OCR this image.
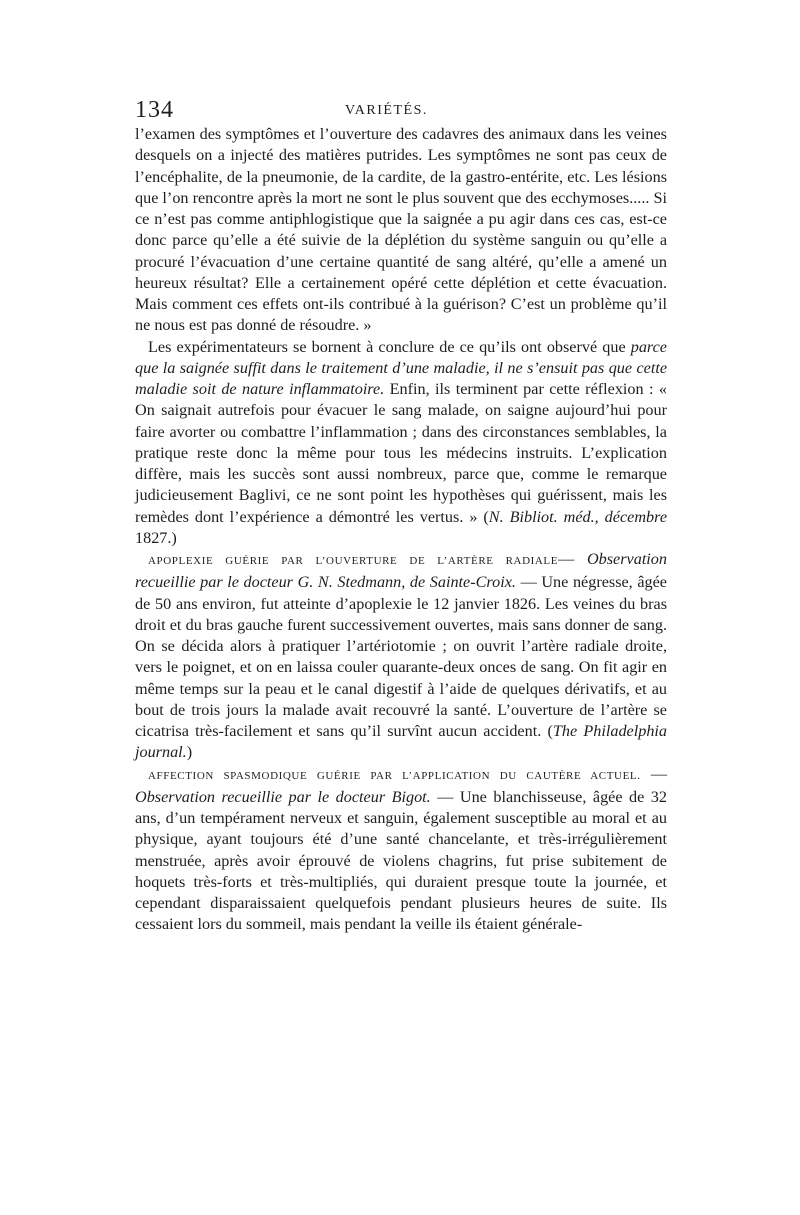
134	VARIÉTÉS.

l’examen des symptômes et l’ouverture des cadavres des animaux dans les veines desquels on a injecté des matières putrides. Les symptômes ne sont pas ceux de l’encéphalite, de la pneumonie, de la cardite, de la gastro-entérite, etc. Les lésions que l’on rencontre après la mort ne sont le plus souvent que des ecchymoses..... Si ce n’est pas comme antiphlogistique que la saignée a pu agir dans ces cas, est-ce donc parce qu’elle a été suivie de la déplétion du système sanguin ou qu’elle a procuré l’évacuation d’une certaine quantité de sang altéré, qu’elle a amené un heureux résultat? Elle a certainement opéré cette déplétion et cette évacuation. Mais comment ces effets ont-ils contribué à la guérison? C’est un problème qu’il ne nous est pas donné de résoudre. »

Les expérimentateurs se bornent à conclure de ce qu’ils ont observé que parce que la saignée suffit dans le traitement d’une maladie, il ne s’ensuit pas que cette maladie soit de nature inflammatoire. Enfin, ils terminent par cette réflexion : « On saignait autrefois pour évacuer le sang malade, on saigne aujourd’hui pour faire avorter ou combattre l’inflammation ; dans des circonstances semblables, la pratique reste donc la même pour tous les médecins instruits. L’explication diffère, mais les succès sont aussi nombreux, parce que, comme le remarque judicieusement Baglivi, ce ne sont point les hypothèses qui guérissent, mais les remèdes dont l’expérience a démontré les vertus. » (N. Bibliot. méd., décembre 1827.)

APOPLEXIE GUÉRIE PAR L’OUVERTURE DE L’ARTÈRE RADIALE— Observation recueillie par le docteur G. N. Stedmann, de Sainte-Croix. — Une négresse, âgée de 50 ans environ, fut atteinte d’apoplexie le 12 janvier 1826. Les veines du bras droit et du bras gauche furent successivement ouvertes, mais sans donner de sang. On se décida alors à pratiquer l’artériotomie ; on ouvrit l’artère radiale droite, vers le poignet, et on en laissa couler quarante-deux onces de sang. On fit agir en même temps sur la peau et le canal digestif à l’aide de quelques dérivatifs, et au bout de trois jours la malade avait recouvré la santé. L’ouverture de l’artère se cicatrisa très-facilement et sans qu’il survînt aucun accident. (The Philadelphia journal.)

AFFECTION SPASMODIQUE GUÉRIE PAR L’APPLICATION DU CAUTÈRE ACTUEL. —Observation recueillie par le docteur Bigot. — Une blanchisseuse, âgée de 32 ans, d’un tempérament nerveux et sanguin, également susceptible au moral et au physique, ayant toujours été d’une santé chancelante, et très-irrégulièrement menstruée, après avoir éprouvé de violens chagrins, fut prise subitement de hoquets très-forts et très-multipliés, qui duraient presque toute la journée, et cependant disparaissaient quelquefois pendant plusieurs heures de suite. Ils cessaient lors du sommeil, mais pendant la veille ils étaient générale-
